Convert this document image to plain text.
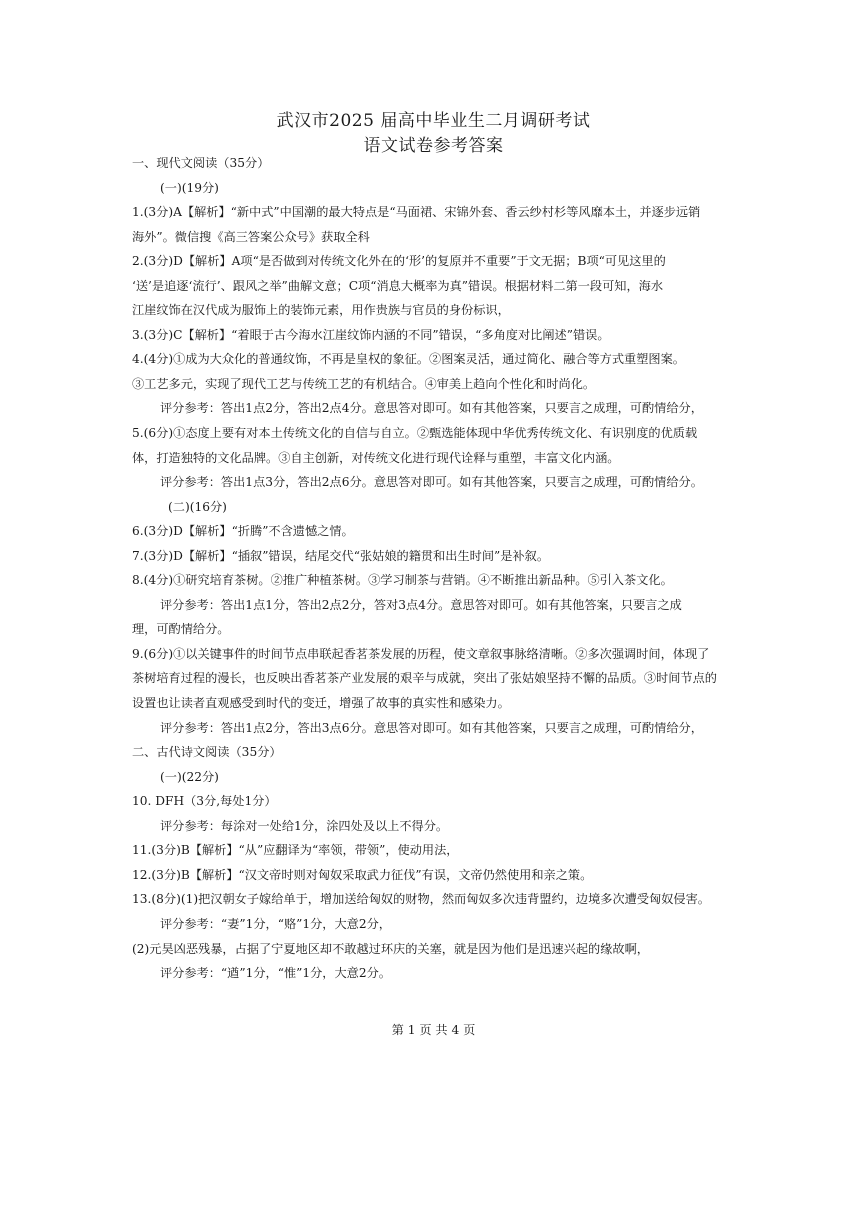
武汉市2025 届高中毕业生二月调研考试
语文试卷参考答案
一、现代文阅读（35分）
(一)(19分)
1.(3分)A【解析】“新中式”中国潮的最大特点是“马面裙、宋锦外套、香云纱村杉等风靡本土，并逐步远销
海外”。微信搜《高三答案公众号》获取全科
2.(3分)D【解析】A项“是否做到对传统文化外在的‘形’的复原并不重要”于文无据；B项“可见这里的
‘送’是追逐‘流行’、跟风之举”曲解文意；C项“消息大概率为真”错误。根据材料二第一段可知，海水
江崖纹饰在汉代成为服饰上的装饰元素，用作贵族与官员的身份标识，
3.(3分)C【解析】“着眼于古今海水江崖纹饰内涵的不同”错误，“多角度对比阐述”错误。
4.(4分)①成为大众化的普通纹饰，不再是皇权的象征。②图案灵活，通过简化、融合等方式重塑图案。
③工艺多元，实现了现代工艺与传统工艺的有机结合。④审美上趋向个性化和时尚化。
评分参考：答出1点2分，答出2点4分。意思答对即可。如有其他答案，只要言之成理，可酌情给分，
5.(6分)①态度上要有对本土传统文化的自信与自立。②甄选能体现中华优秀传统文化、有识别度的优质载
体，打造独特的文化品牌。③自主创新，对传统文化进行现代诠释与重塑，丰富文化内涵。
评分参考：答出1点3分，答出2点6分。意思答对即可。如有其他答案，只要言之成理，可酌情给分。
(二)(16分)
6.(3分)D【解析】“折腾”不含遗憾之情。
7.(3分)D【解析】“插叙”错误，结尾交代“张姑娘的籍贯和出生时间”是补叙。
8.(4分)①研究培育茶树。②推广种植茶树。③学习制茶与营销。④不断推出新品种。⑤引入茶文化。
评分参考：答出1点1分，答出2点2分，答对3点4分。意思答对即可。如有其他答案，只要言之成
理，可酌情给分。
9.(6分)①以关键事件的时间节点串联起香茗茶发展的历程，使文章叙事脉络清晰。②多次强调时间，体现了
茶树培育过程的漫长，也反映出香茗茶产业发展的艰辛与成就，突出了张姑娘坚持不懈的品质。③时间节点的
设置也让读者直观感受到时代的变迁，增强了故事的真实性和感染力。
评分参考：答出1点2分，答出3点6分。意思答对即可。如有其他答案，只要言之成理，可酌情给分，
二、古代诗文阅读（35分）
(一)(22分)
10. DFH（3分,每处1分）
评分参考：每涂对一处给1分，涂四处及以上不得分。
11.(3分)B【解析】“从”应翻译为“率领，带领”，使动用法，
12.(3分)B【解析】“汉文帝时则对匈奴采取武力征伐”有误，文帝仍然使用和亲之策。
13.(8分)(1)把汉朝女子嫁给单于，增加送给匈奴的财物，然而匈奴多次违背盟约，边境多次遭受匈奴侵害。
评分参考：“妻”1分，“赂”1分，大意2分，
(2)元昊凶恶残暴，占据了宁夏地区却不敢越过环庆的关塞，就是因为他们是迅速兴起的缘故啊，
评分参考：“遒”1分，“惟”1分，大意2分。
第 1 页 共 4 页
